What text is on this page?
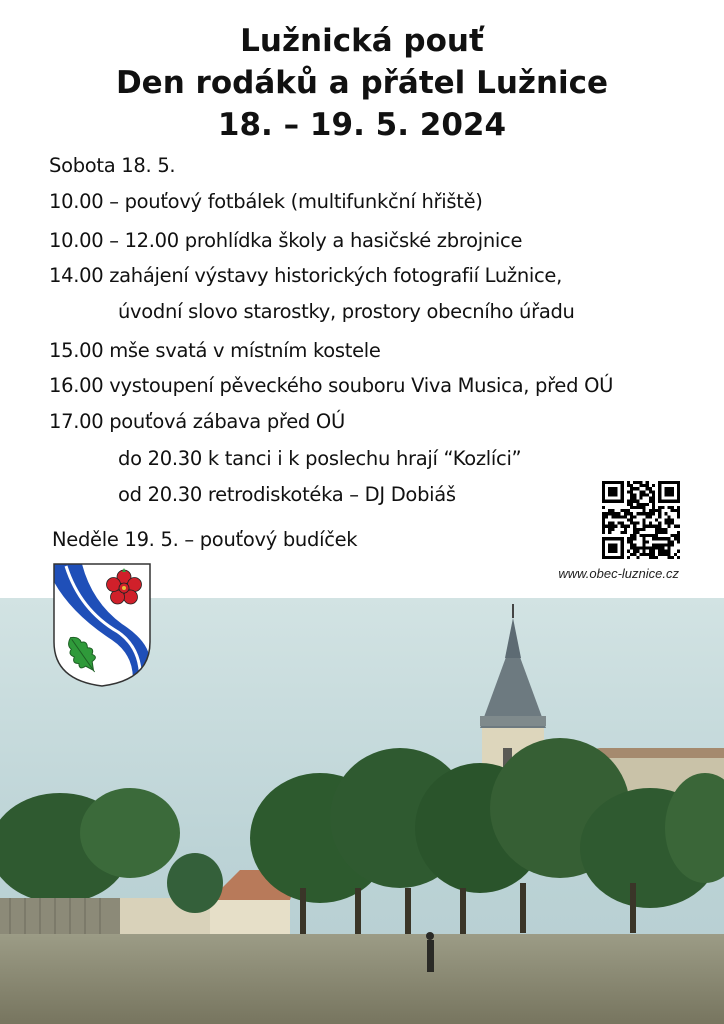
Lužnická pouť
Den rodáků a přátel Lužnice
18. – 19. 5. 2024
Sobota 18. 5.
10.00 – pouťový fotbálek (multifunkční hřiště)
10.00 – 12.00 prohlídka školy a hasičské zbrojnice
14.00 zahájení výstavy historických fotografií Lužnice,
úvodní slovo starostky, prostory obecního úřadu
15.00 mše svatá v místním kostele
16.00 vystoupení pěveckého souboru Viva Musica, před OÚ
17.00 pouťová zábava před OÚ
do 20.30 k tanci i k poslechu hrají “Kozlíci”
od 20.30 retrodiskotéka – DJ Dobiáš
Neděle 19. 5. – pouťový budíček
www.obec-luznice.cz
